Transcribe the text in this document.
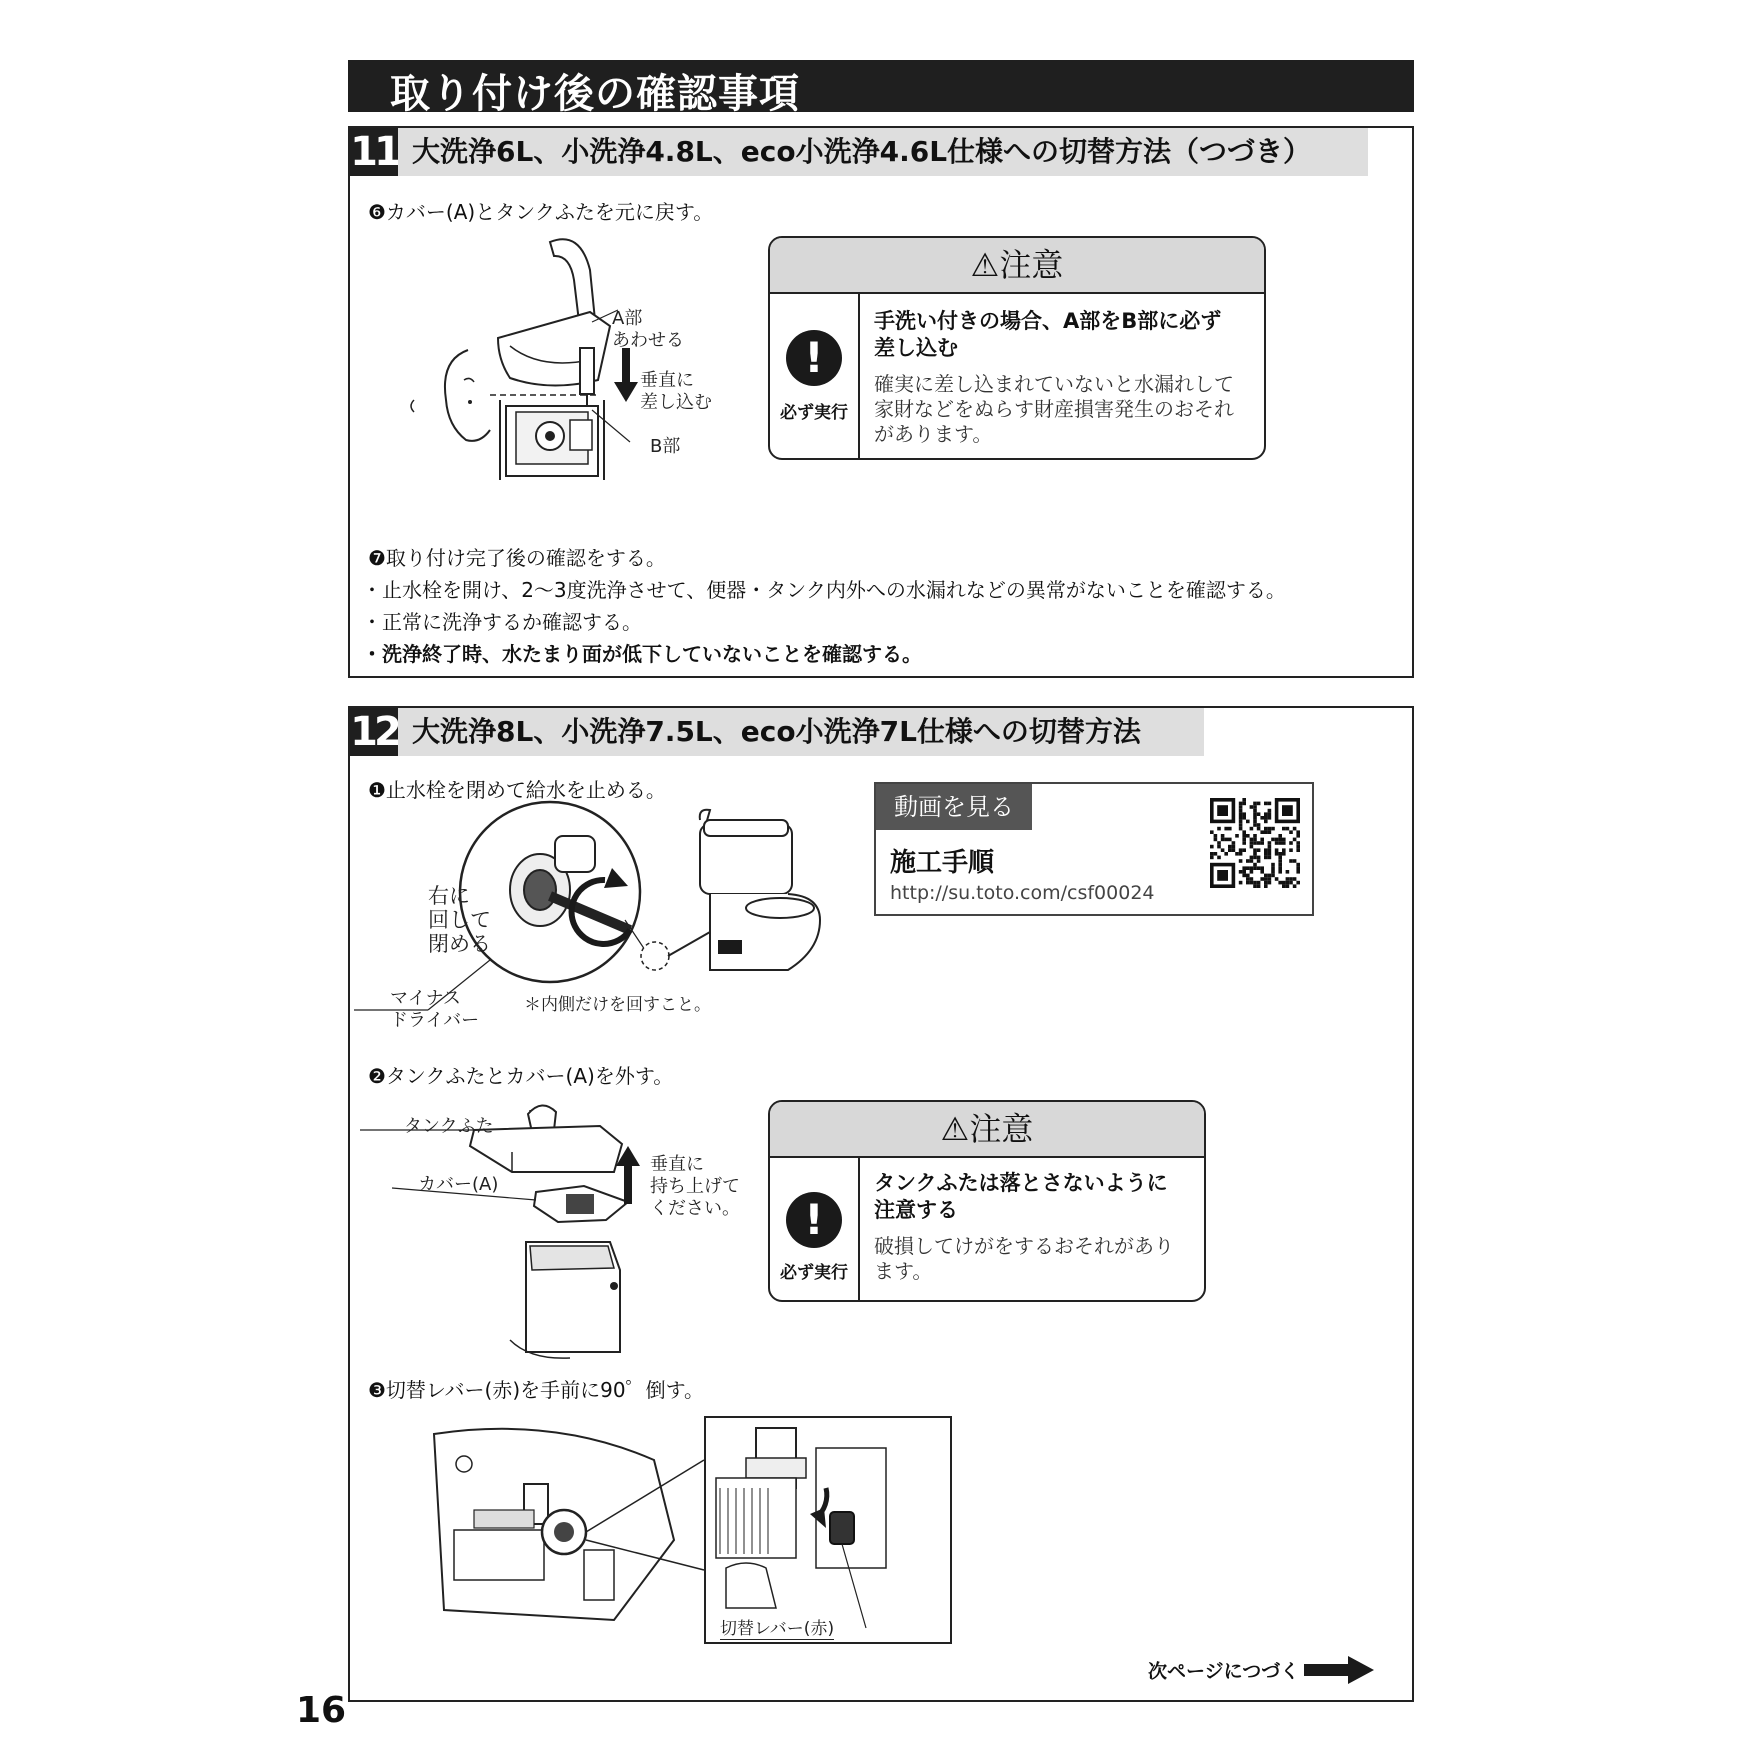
取り付け後の確認事項
11 大洗浄6L、小洗浄4.8L、eco小洗浄4.6L仕様への切替方法（つづき）
❻カバー(A)とタンクふたを元に戻す。
A部
あわせる
垂直に
差し込む
B部
⚠注意
!
必ず実行
手洗い付きの場合、A部をB部に必ず
差し込む
確実に差し込まれていないと水漏れして
家財などをぬらす財産損害発生のおそれ
があります。
❼取り付け完了後の確認をする。
・止水栓を開け、2～3度洗浄させて、便器・タンク内外への水漏れなどの異常がないことを確認する。
・正常に洗浄するか確認する。
・洗浄終了時、水たまり面が低下していないことを確認する。
12 大洗浄8L、小洗浄7.5L、eco小洗浄7L仕様への切替方法
❶止水栓を閉めて給水を止める。
右に
回して
閉める
マイナス
ドライバー
＊内側だけを回すこと。
動画を見る
施工手順
http://su.toto.com/csf00024
❷タンクふたとカバー(A)を外す。
タンクふた
カバー(A)
垂直に
持ち上げて
ください。
⚠注意
!
必ず実行
タンクふたは落とさないように
注意する
破損してけがをするおそれがあり
ます。
❸切替レバー(赤)を手前に90゜倒す。
切替レバー(赤)
次ページにつづく
16
